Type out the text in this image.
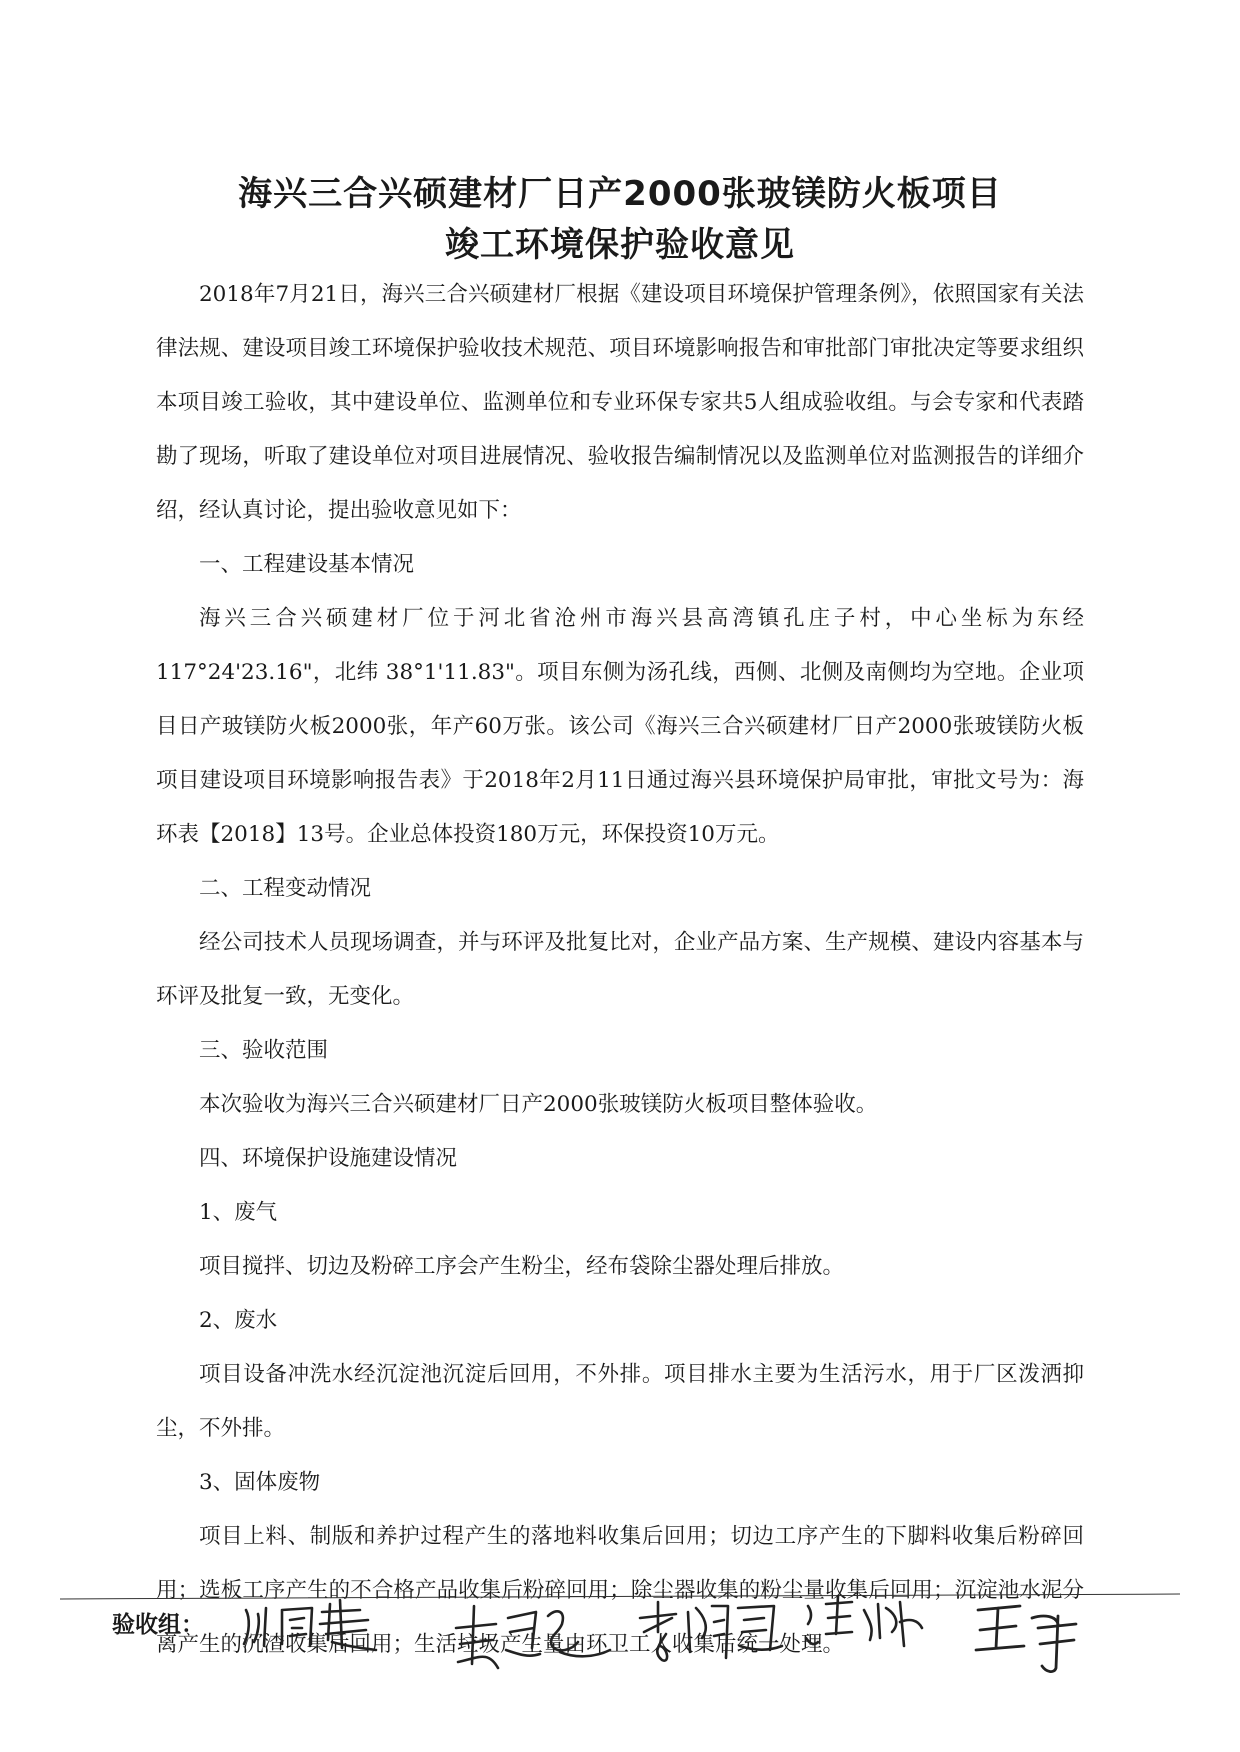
海兴三合兴硕建材厂日产2000张玻镁防火板项目
竣工环境保护验收意见

2018年7月21日，海兴三合兴硕建材厂根据《建设项目环境保护管理条例》，依照国家有关法律法规、建设项目竣工环境保护验收技术规范、项目环境影响报告和审批部门审批决定等要求组织本项目竣工验收，其中建设单位、监测单位和专业环保专家共5人组成验收组。与会专家和代表踏勘了现场，听取了建设单位对项目进展情况、验收报告编制情况以及监测单位对监测报告的详细介绍，经认真讨论，提出验收意见如下：

一、工程建设基本情况

海兴三合兴硕建材厂位于河北省沧州市海兴县高湾镇孔庄子村，中心坐标为东经117°24'23.16"，北纬 38°1'11.83"。项目东侧为汤孔线，西侧、北侧及南侧均为空地。企业项目日产玻镁防火板2000张，年产60万张。该公司《海兴三合兴硕建材厂日产2000张玻镁防火板项目建设项目环境影响报告表》于2018年2月11日通过海兴县环境保护局审批，审批文号为：海环表【2018】13号。企业总体投资180万元，环保投资10万元。

二、工程变动情况

经公司技术人员现场调查，并与环评及批复比对，企业产品方案、生产规模、建设内容基本与环评及批复一致，无变化。

三、验收范围

本次验收为海兴三合兴硕建材厂日产2000张玻镁防火板项目整体验收。

四、环境保护设施建设情况

1、废气

项目搅拌、切边及粉碎工序会产生粉尘，经布袋除尘器处理后排放。

2、废水

项目设备冲洗水经沉淀池沉淀后回用，不外排。项目排水主要为生活污水，用于厂区泼洒抑尘，不外排。

3、固体废物

项目上料、制版和养护过程产生的落地料收集后回用；切边工序产生的下脚料收集后粉碎回用；选板工序产生的不合格产品收集后粉碎回用；除尘器收集的粉尘量收集后回用；沉淀池水泥分离产生的沉渣收集后回用；生活垃圾产生量由环卫工人收集后统一处理。

验收组：
